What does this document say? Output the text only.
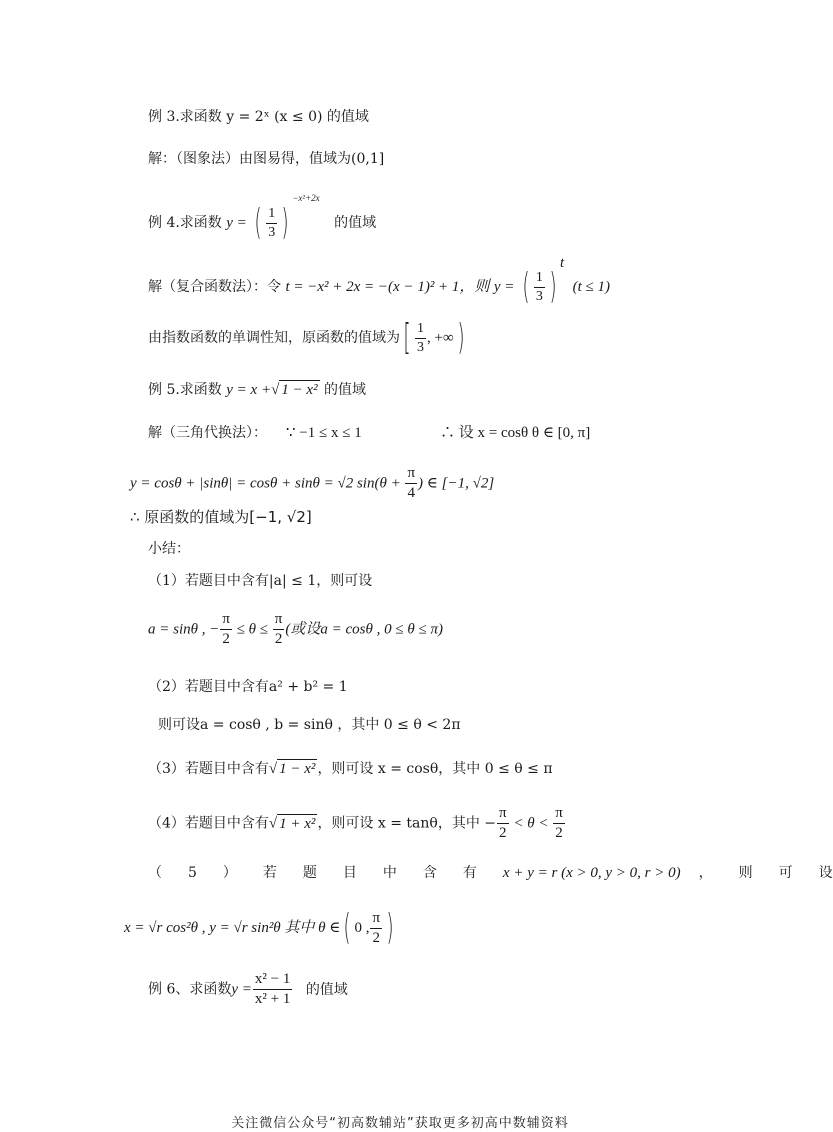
例 3.求函数 y = 2ˣ (x ≤ 0) 的值域
解：（图象法）由图易得，值域为(0,1]
例 4.求函数 y = ( $\frac{1}{3} )^{-x^2+2x}$ 的值域
解（复合函数法）：令 t = −x² + 2x = −(x − 1)² + 1，则 y = ( $\frac{1}{3} )^t$ (t ≤ 1)
由指数函数的单调性知，原函数的值域为[ $\frac{1}{3}$ , +∞)
例 5.求函数 y = x +√ 1 − x² 的值域
解（三角代换法）： ∵ −1 ≤ x ≤ 1	∴ 设 x = cosθ θ ∈ [0, π]
y = cosθ + |sinθ| = cosθ + sinθ = √2 $\sin(\theta + \frac{\pi}{4}$ ) ∈ [−1, √2]
∴ 原函数的值域为[−1, √2]
小结：
（1）若题目中含有|a| ≤ 1，则可设
a = sinθ , − $\frac{\pi}{2} \le \theta \le \frac{\pi}{2}$ (或设a = cosθ , 0 ≤ θ ≤ π)
（2）若题目中含有a² + b² = 1
则可设a = cosθ , b = sinθ ，其中 0 ≤ θ < 2π
（3）若题目中含有√ 1 − x² ，则可设 x = cosθ，其中 0 ≤ θ ≤ π
（4）若题目中含有√ 1 + x² ，则可设 x = tanθ，其中 − $\frac{\pi}{2} < \theta < \frac{\pi}{2}$
（ 5 ） 若 题 目 中 含 有 x + y = r (x > 0, y > 0, r > 0) ， 则 可 设
x = √r cos²θ , y = √r sin²θ 其中 θ ∈( 0 , $\frac{\pi}{2}$ )
例 6、求函数$y = \frac{\text{x² − 1}}{\text{x² + 1}}$ 的值域
关注微信公众号“初高数辅站”获取更多初高中数辅资料
